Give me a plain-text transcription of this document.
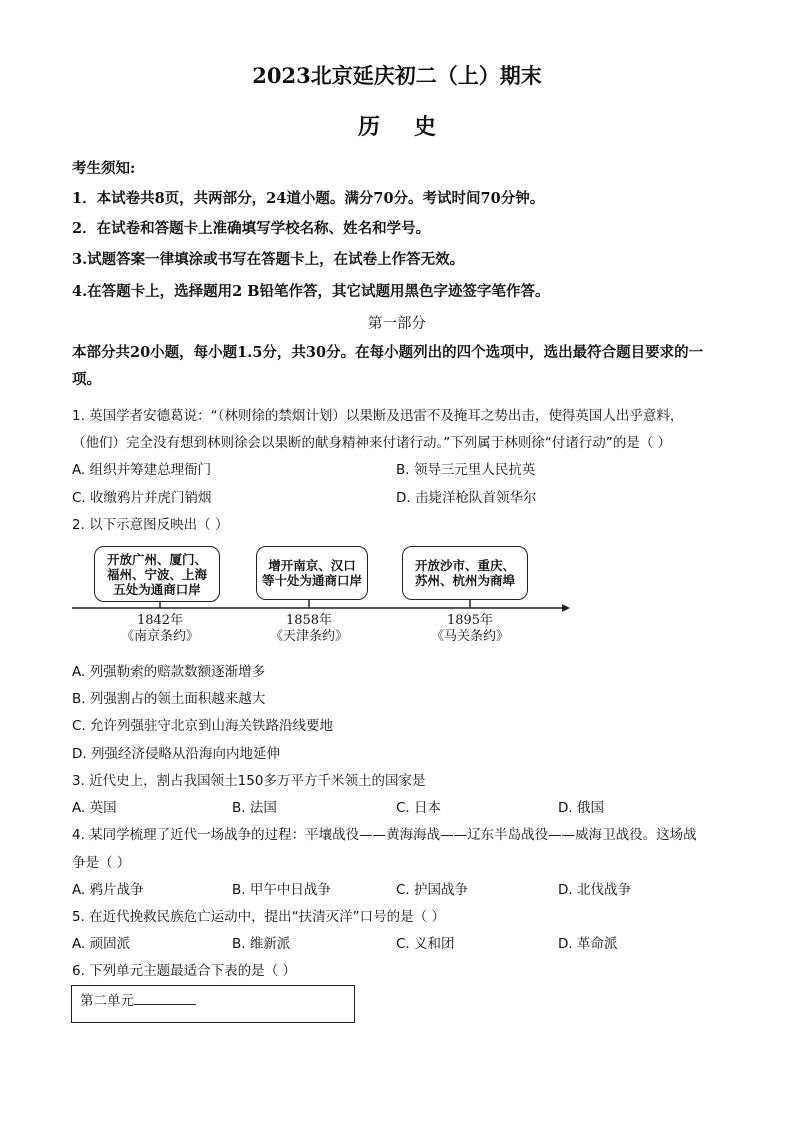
2023北京延庆初二（上）期末
历史
考生须知:
1．本试卷共8页，共两部分，24道小题。满分70分。考试时间70分钟。
2．在试卷和答题卡上准确填写学校名称、姓名和学号。
3.试题答案一律填涂或书写在答题卡上，在试卷上作答无效。
4.在答题卡上，选择题用2 B铅笔作答，其它试题用黑色字迹签字笔作答。
第一部分
本部分共20小题，每小题1.5分，共30分。在每小题列出的四个选项中，选出最符合题目要求的一项。
1. 英国学者安德葛说：“（林则徐的禁烟计划）以果断及迅雷不及掩耳之势出击，使得英国人出乎意料，
（他们）完全没有想到林则徐会以果断的献身精神来付诸行动。”下列属于林则徐“付诸行动”的是（ ）
A. 组织并筹建总理衙门	B. 领导三元里人民抗英
C. 收缴鸦片并虎门销烟	D. 击毙洋枪队首领华尔
2. 以下示意图反映出（ ）
开放广州、厦门、
福州、宁波、上海
五处为通商口岸
增开南京、汉口
等十处为通商口岸
开放沙市、重庆、
苏州、杭州为商埠
1842年
《南京条约》
1858年
《天津条约》
1895年
《马关条约》
A. 列强勒索的赔款数额逐渐增多
B. 列强割占的领土面积越来越大
C. 允许列强驻守北京到山海关铁路沿线要地
D. 列强经济侵略从沿海向内地延伸
3. 近代史上，割占我国领土150多万平方千米领土的国家是
A. 英国	B. 法国	C. 日本	D. 俄国
4. 某同学梳理了近代一场战争的过程：平壤战役——黄海海战——辽东半岛战役——威海卫战役。这场战
争是（ ）
A. 鸦片战争	B. 甲午中日战争	C. 护国战争	D. 北伐战争
5. 在近代挽救民族危亡运动中，提出“扶清灭洋”口号的是（ ）
A. 顽固派	B. 维新派	C. 义和团	D. 革命派
6. 下列单元主题最适合下表的是（ ）
第二单元
